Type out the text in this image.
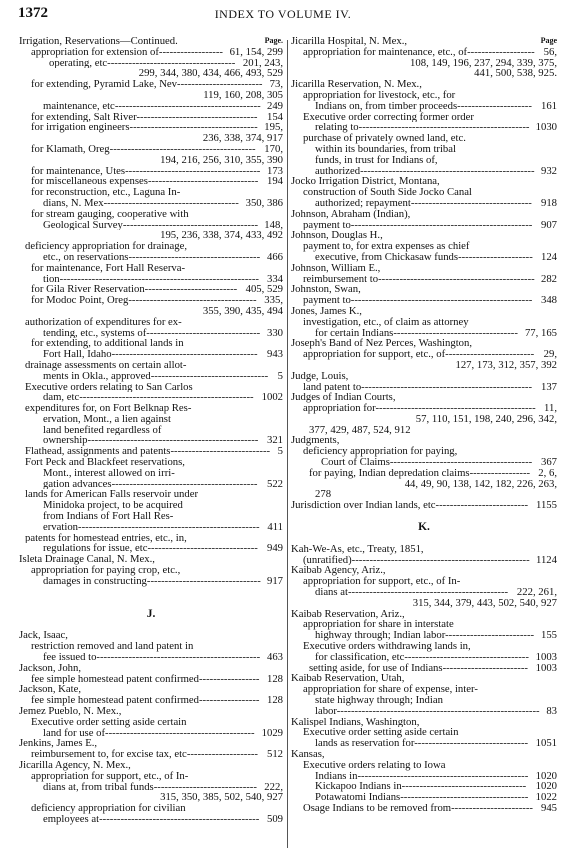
1372	INDEX TO VOLUME IV.
Irrigation, Reservations—Continued.	Page.
appropriation for extension of------------------ 61, 154, 299
operating, etc------------------------------------ 201, 243,
299, 344, 380, 434, 466, 493, 529
for extending, Pyramid Lake, Nev------------------------ 73,
119, 160, 208, 305
maintenance, etc----------------------------------------- 249
for extending, Salt River---------------------------------- 154
for irrigation engineers------------------------------------ 195,
236, 338, 374, 917
for Klamath, Oreg----------------------------------------- 170,
194, 216, 256, 310, 355, 390
for maintenance, Utes-------------------------------------- 173
for miscellaneous expenses------------------------------- 194
for reconstruction, etc., Laguna In-
dians, N. Mex-------------------------------------- 350, 386
for stream gauging, cooperative with
Geological Survey-------------------------------------- 148,
195, 236, 338, 374, 433, 492
deficiency appropriation for drainage,
etc., on reservations------------------------------------- 466
for maintenance, Fort Hall Reserva-
tion-------------------------------------------------------- 334
for Gila River Reservation-------------------------- 405, 529
for Modoc Point, Oreg------------------------------------ 335,
355, 390, 435, 494
authorization of expenditures for ex-
tending, etc., systems of-------------------------------- 330
for extending, to additional lands in
Fort Hall, Idaho----------------------------------------- 943
drainage assessments on certain allot-
ments in Okla., approved--------------------------------- 5
Executive orders relating to San Carlos
dam, etc------------------------------------------------- 1002
expenditures for, on Fort Belknap Res-
ervation, Mont., a lien against
land benefited regardless of
ownership------------------------------------------------ 321
Flathead, assignments and patents---------------------------- 5
Fort Peck and Blackfeet reservations,
Mont., interest allowed on irri-
gation advances----------------------------------------- 522
lands for American Falls reservoir under
Minidoka project, to be acquired
from Indians of Fort Hall Res-
ervation--------------------------------------------------- 411
patents for homestead entries, etc., in,
regulations for issue, etc------------------------------- 949
Isleta Drainage Canal, N. Mex.,
appropriation for paying crop, etc.,
damages in constructing-------------------------------- 917
J.
Jack, Isaac,
restriction removed and land patent in
fee issued to---------------------------------------------- 463
Jackson, John,
fee simple homestead patent confirmed----------------- 128
Jackson, Kate,
fee simple homestead patent confirmed----------------- 128
Jemez Pueblo, N. Mex.,
Executive order setting aside certain
land for use of------------------------------------------ 1029
Jenkins, James E.,
reimbursement to, for excise tax, etc-------------------- 512
Jicarilla Agency, N. Mex.,
appropriation for support, etc., of In-
dians at, from tribal funds----------------------------- 222,
315, 350, 385, 502, 540, 927
deficiency appropriation for civilian
employees at--------------------------------------------- 509
Jicarilla Hospital, N. Mex.,	Page
appropriation for maintenance, etc., of------------------- 56,
108, 149, 196, 237, 294, 339, 375,
441, 500, 538, 925.
Jicarilla Reservation, N. Mex.,
appropriation for livestock, etc., for
Indians on, from timber proceeds--------------------- 161
Executive order correcting former order
relating to------------------------------------------------ 1030
purchase of privately owned land, etc.
within its boundaries, from tribal
funds, in trust for Indians of,
authorized------------------------------------------------- 932
Jocko Irrigation District, Montana,
construction of South Side Jocko Canal
authorized; repayment---------------------------------- 918
Johnson, Abraham (Indian),
payment to--------------------------------------------------- 907
Johnson, Douglas H.,
payment to, for extra expenses as chief
executive, from Chickasaw funds--------------------- 124
Johnson, William E.,
reimbursement to-------------------------------------------- 282
Johnston, Swan,
payment to--------------------------------------------------- 348
Jones, James K.,
investigation, etc., of claim as attorney
for certain Indians----------------------------------- 77, 165
Joseph's Band of Nez Perces, Washington,
appropriation for support, etc., of------------------------- 29,
127, 173, 312, 357, 392
Judge, Louis,
land patent to------------------------------------------------ 137
Judges of Indian Courts,
appropriation for--------------------------------------------- 11,
57, 110, 151, 198, 240, 296, 342,
377, 429, 487, 524, 912
Judgments,
deficiency appropriation for paying,
Court of Claims---------------------------------------- 367
for paying, Indian depredation claims----------------- 2, 6,
44, 49, 90, 138, 142, 182, 226, 263,
278
Jurisdiction over Indian lands, etc-------------------------- 1155
K.
Kah-We-As, etc., Treaty, 1851,
(unratified)-------------------------------------------------- 1124
Kaibab Agency, Ariz.,
appropriation for support, etc., of In-
dians at--------------------------------------------- 222, 261,
315, 344, 379, 443, 502, 540, 927
Kaibab Reservation, Ariz.,
appropriation for share in interstate
highway through; Indian labor------------------------- 155
Executive orders withdrawing lands in,
for classification, etc----------------------------------- 1003
setting aside, for use of Indians------------------------ 1003
Kaibab Reservation, Utah,
appropriation for share of expense, inter-
state highway through; Indian
labor--------------------------------------------------------- 83
Kalispel Indians, Washington,
Executive order setting aside certain
lands as reservation for-------------------------------- 1051
Kansas,
Executive orders relating to Iowa
Indians in------------------------------------------------ 1020
Kickapoo Indians in----------------------------------- 1020
Potawatomi Indians------------------------------------ 1022
Osage Indians to be removed from----------------------- 945
